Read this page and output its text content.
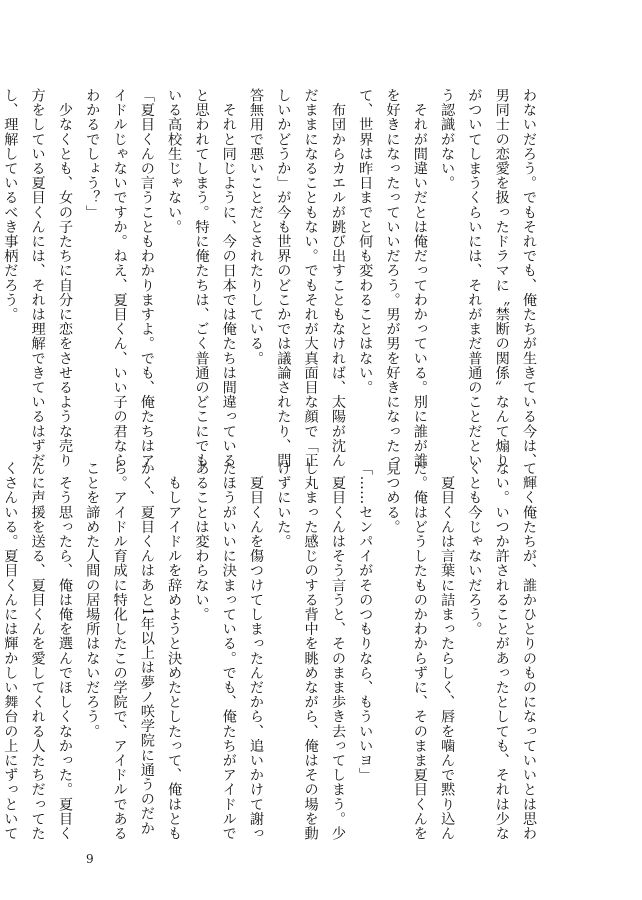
わないだろう。でもそれでも、俺たちが生きている今は、
男同士の恋愛を扱ったドラマに〝禁断の関係〟なんて煽り
がついてしまうくらいには、それがまだ普通のことだとい
う認識がない。
　それが間違いだとは俺だってわかっている。別に誰が誰
を好きになったっていいだろう。男が男を好きになったっ
て、世界は昨日までと何も変わることはない。
　布団からカエルが跳び出すこともなければ、太陽が沈ん
だままになることもない。でもそれが大真面目な顔で「正
しいかどうか」が今も世界のどこかでは議論されたり、問
答無用で悪いことだとされたりしている。
　それと同じように、今の日本では俺たちは間違っている
と思われてしまう。特に俺たちは、ごく普通のどこにでも
いる高校生じゃない。
「夏目くんの言うこともわかりますよ。でも、俺たちはア
イドルじゃないですか。ねえ、夏目くん、いい子の君なら
わかるでしょう？」
　少なくとも、女の子たちに自分に恋をさせるような売り
方をしている夏目くんには、それは理解できているはずだ
し、理解しているべき事柄だろう。
て輝く俺たちが、誰かひとりのものになっていいとは思わ
ない。いつか許されることがあったとしても、それは少な
くとも今じゃないだろう。
　夏目くんは言葉に詰まったらしく、唇を噛んで黙り込ん
だ。俺はどうしたものかわからずに、そのまま夏目くんを
見つめる。
「……センパイがそのつもりなら、もういいヨ」
　夏目くんはそう言うと、そのまま歩き去ってしまう。少
し丸まった感じのする背中を眺めながら、俺はその場を動
けずにいた。
　夏目くんを傷つけてしまったんだから、追いかけて謝っ
たほうがいいに決まっている。でも、俺たちがアイドルで
あることは変わらない。
　もしアイドルを辞めようと決めたとしたって、俺はとも
かく、夏目くんはあと1年以上は夢ノ咲学院に通うのだか
ら。アイドル育成に特化したこの学院で、アイドルである
ことを諦めた人間の居場所はないだろう。
　そう思ったら、俺は俺を選んでほしくなかった。夏目く
んに声援を送る、夏目くんを愛してくれる人たちだってた
くさんいる。夏目くんには輝かしい舞台の上にずっといて
9
